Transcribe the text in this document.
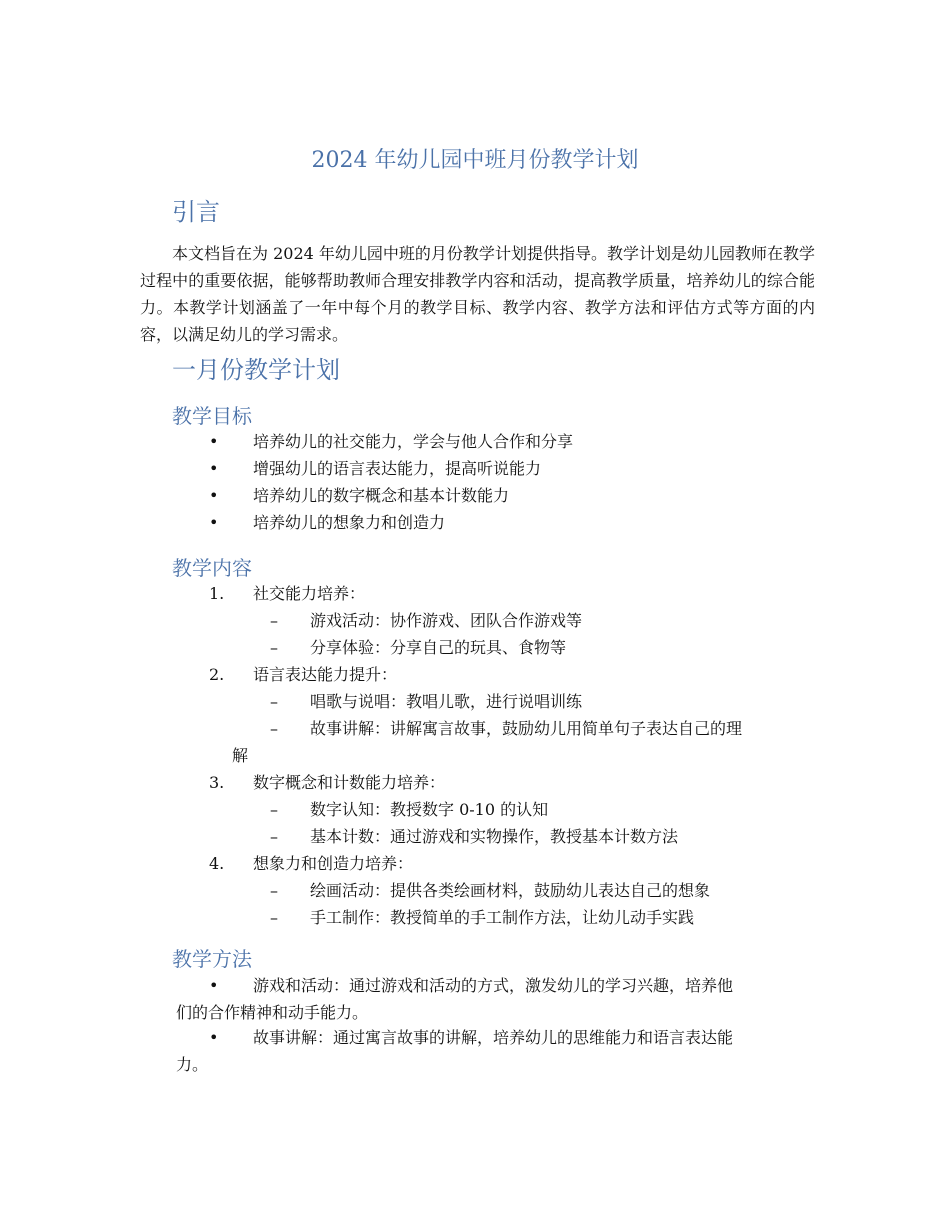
2024 年幼儿园中班月份教学计划
引言

本文档旨在为 2024 年幼儿园中班的月份教学计划提供指导。教学计划是幼儿园教师在教学过程中的重要依据，能够帮助教师合理安排教学内容和活动，提高教学质量，培养幼儿的综合能力。本教学计划涵盖了一年中每个月的教学目标、教学内容、教学方法和评估方式等方面的内容，以满足幼儿的学习需求。

一月份教学计划
教学目标
• 培养幼儿的社交能力，学会与他人合作和分享
• 增强幼儿的语言表达能力，提高听说能力
• 培养幼儿的数字概念和基本计数能力
• 培养幼儿的想象力和创造力
教学内容
1. 社交能力培养：
– 游戏活动：协作游戏、团队合作游戏等
– 分享体验：分享自己的玩具、食物等
2. 语言表达能力提升：
– 唱歌与说唱：教唱儿歌，进行说唱训练
– 故事讲解：讲解寓言故事，鼓励幼儿用简单句子表达自己的理
解
3. 数字概念和计数能力培养：
– 数字认知：教授数字 0-10 的认知
– 基本计数：通过游戏和实物操作，教授基本计数方法
4. 想象力和创造力培养：
– 绘画活动：提供各类绘画材料，鼓励幼儿表达自己的想象
– 手工制作：教授简单的手工制作方法，让幼儿动手实践
教学方法
• 游戏和活动：通过游戏和活动的方式，激发幼儿的学习兴趣，培养他
们的合作精神和动手能力。
• 故事讲解：通过寓言故事的讲解，培养幼儿的思维能力和语言表达能
力。
